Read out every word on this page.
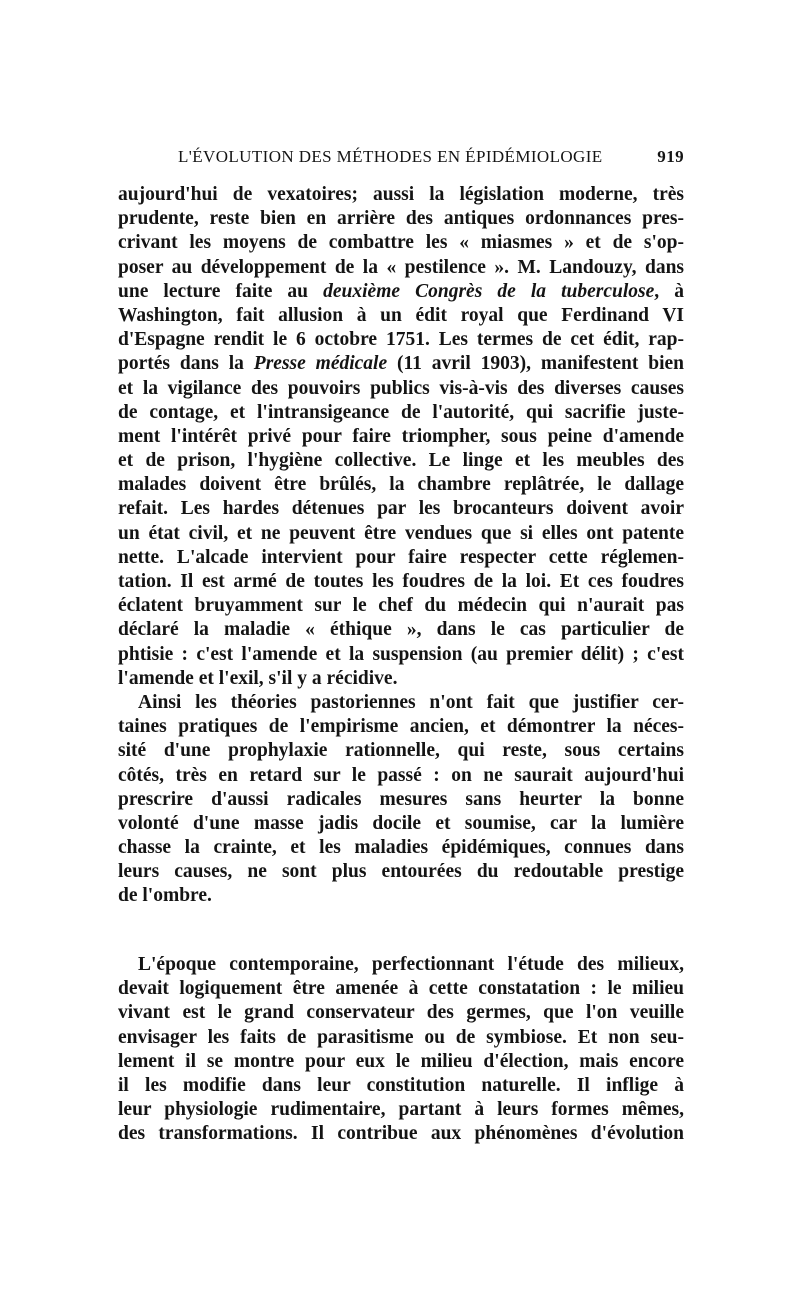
L'ÉVOLUTION DES MÉTHODES EN ÉPIDÉMIOLOGIE	919
aujourd'hui de vexatoires; aussi la législation moderne, très
prudente, reste bien en arrière des antiques ordonnances pres-
crivant les moyens de combattre les « miasmes » et de s'op-
poser au développement de la « pestilence ». M. Landouzy, dans
une lecture faite au deuxième Congrès de la tuberculose, à
Washington, fait allusion à un édit royal que Ferdinand VI
d'Espagne rendit le 6 octobre 1751. Les termes de cet édit, rap-
portés dans la Presse médicale (11 avril 1903), manifestent bien
et la vigilance des pouvoirs publics vis-à-vis des diverses causes
de contage, et l'intransigeance de l'autorité, qui sacrifie juste-
ment l'intérêt privé pour faire triompher, sous peine d'amende
et de prison, l'hygiène collective. Le linge et les meubles des
malades doivent être brûlés, la chambre replâtrée, le dallage
refait. Les hardes détenues par les brocanteurs doivent avoir
un état civil, et ne peuvent être vendues que si elles ont patente
nette. L'alcade intervient pour faire respecter cette réglemen-
tation. Il est armé de toutes les foudres de la loi. Et ces foudres
éclatent bruyamment sur le chef du médecin qui n'aurait pas
déclaré la maladie « éthique », dans le cas particulier de
phtisie : c'est l'amende et la suspension (au premier délit) ; c'est
l'amende et l'exil, s'il y a récidive.
Ainsi les théories pastoriennes n'ont fait que justifier cer-
taines pratiques de l'empirisme ancien, et démontrer la néces-
sité d'une prophylaxie rationnelle, qui reste, sous certains
côtés, très en retard sur le passé : on ne saurait aujourd'hui
prescrire d'aussi radicales mesures sans heurter la bonne
volonté d'une masse jadis docile et soumise, car la lumière
chasse la crainte, et les maladies épidémiques, connues dans
leurs causes, ne sont plus entourées du redoutable prestige
de l'ombre.
L'époque contemporaine, perfectionnant l'étude des milieux,
devait logiquement être amenée à cette constatation : le milieu
vivant est le grand conservateur des germes, que l'on veuille
envisager les faits de parasitisme ou de symbiose. Et non seu-
lement il se montre pour eux le milieu d'élection, mais encore
il les modifie dans leur constitution naturelle. Il inflige à
leur physiologie rudimentaire, partant à leurs formes mêmes,
des transformations. Il contribue aux phénomènes d'évolution
